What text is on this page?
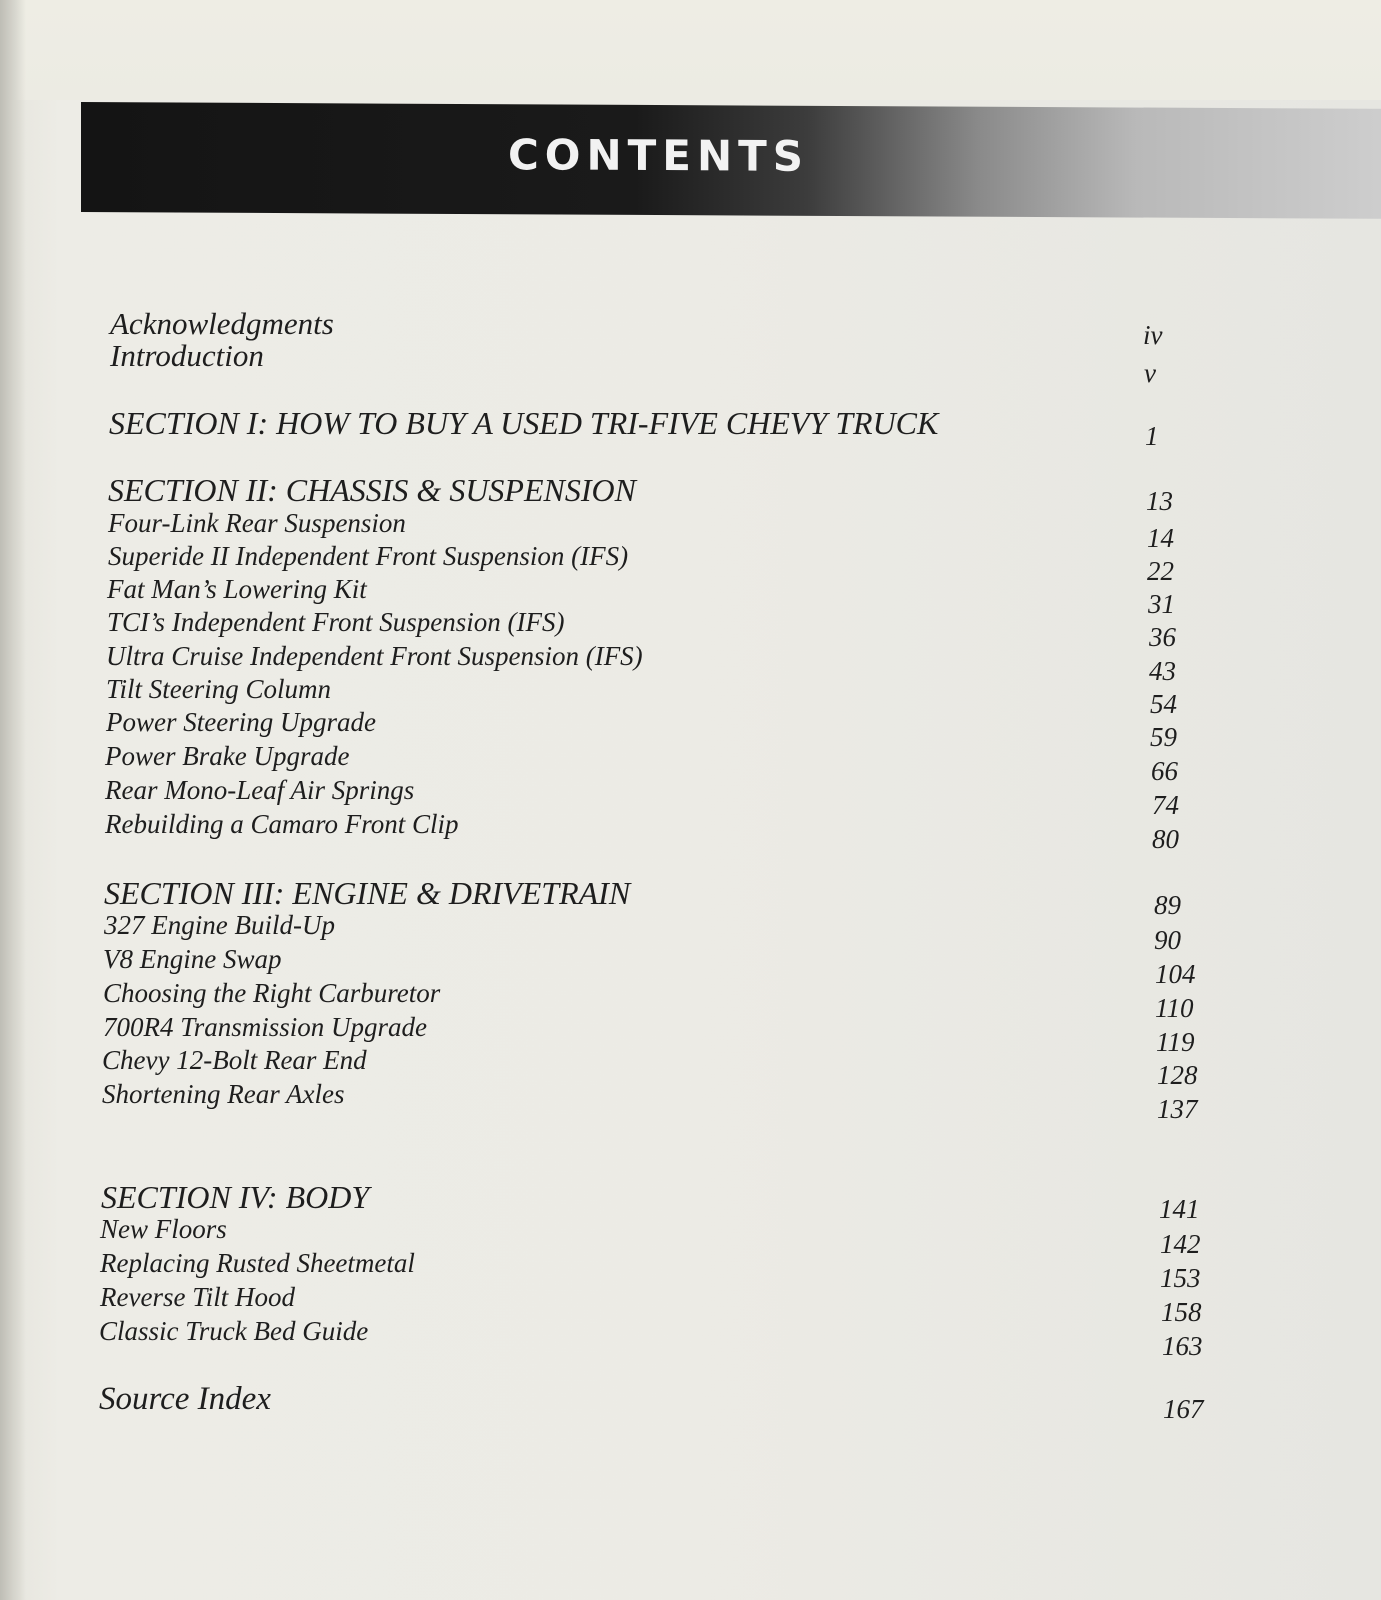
CONTENTS
Acknowledgments	iv
Introduction	v
SECTION I: HOW TO BUY A USED TRI-FIVE CHEVY TRUCK	1
SECTION II: CHASSIS & SUSPENSION	13
Four-Link Rear Suspension	14
Superide II Independent Front Suspension (IFS)	22
Fat Man’s Lowering Kit	31
TCI’s Independent Front Suspension (IFS)	36
Ultra Cruise Independent Front Suspension (IFS)	43
Tilt Steering Column	54
Power Steering Upgrade	59
Power Brake Upgrade	66
Rear Mono-Leaf Air Springs	74
Rebuilding a Camaro Front Clip	80
SECTION III: ENGINE & DRIVETRAIN	89
327 Engine Build-Up	90
V8 Engine Swap	104
Choosing the Right Carburetor	110
700R4 Transmission Upgrade	119
Chevy 12-Bolt Rear End	128
Shortening Rear Axles	137
SECTION IV: BODY	141
New Floors	142
Replacing Rusted Sheetmetal	153
Reverse Tilt Hood	158
Classic Truck Bed Guide	163
Source Index	167
